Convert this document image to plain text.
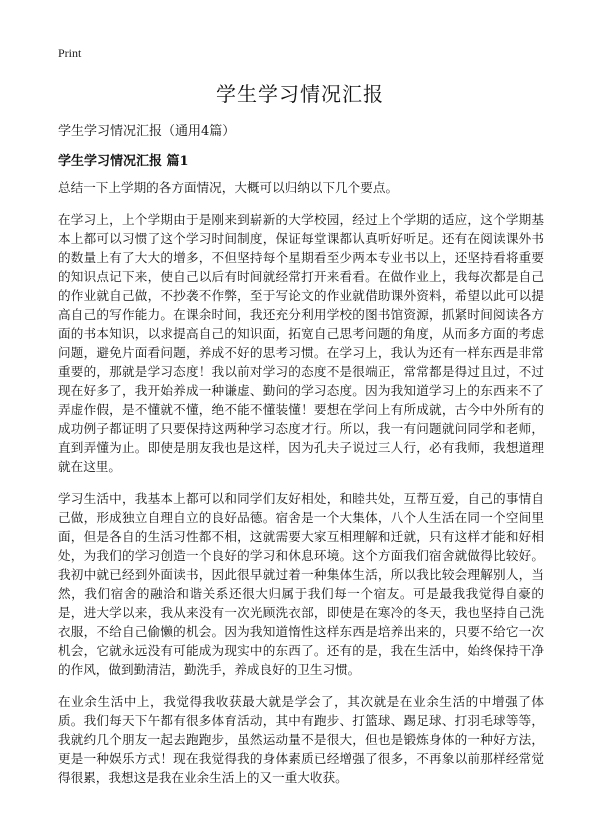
Print
学生学习情况汇报
学生学习情况汇报（通用4篇）
学生学习情况汇报 篇1

总结一下上学期的各方面情况，大概可以归纳以下几个要点。

在学习上，上个学期由于是刚来到崭新的大学校园，经过上个学期的适应，这个学期基本上都可以习惯了这个学习时间制度，保证每堂课都认真听好听足。还有在阅读课外书的数量上有了大大的增多，不但坚持每个星期看至少两本专业书以上，还坚持看将重要的知识点记下来，使自己以后有时间就经常打开来看看。在做作业上，我每次都是自己的作业就自己做，不抄袭不作弊，至于写论文的作业就借助课外资料，希望以此可以提高自己的写作能力。在课余时间，我还充分利用学校的图书馆资源，抓紧时间阅读各方面的书本知识，以求提高自己的知识面，拓宽自己思考问题的角度，从而多方面的考虑问题，避免片面看问题，养成不好的思考习惯。在学习上，我认为还有一样东西是非常重要的，那就是学习态度！我以前对学习的态度不是很端正，常常都是得过且过，不过现在好多了，我开始养成一种谦虚、勤问的学习态度。因为我知道学习上的东西来不了弄虚作假，是不懂就不懂，绝不能不懂装懂！要想在学问上有所成就，古今中外所有的成功例子都证明了只要保持这两种学习态度才行。所以，我一有问题就问同学和老师，直到弄懂为止。即使是朋友我也是这样，因为孔夫子说过三人行，必有我师，我想道理就在这里。

学习生活中，我基本上都可以和同学们友好相处，和睦共处，互帮互爱，自己的事情自己做，形成独立自理自立的良好品德。宿舍是一个大集体，八个人生活在同一个空间里面，但是各自的生活习性都不相，这就需要大家互相理解和迁就，只有这样才能和好相处，为我们的学习创造一个良好的学习和休息环境。这个方面我们宿舍就做得比较好。我初中就已经到外面读书，因此很早就过着一种集体生活，所以我比较会理解别人，当然，我们宿舍的融洽和谐关系还很大归属于我们每一个宿友。可是最我我觉得自豪的是，进大学以来，我从来没有一次光顾洗衣部，即使是在寒冷的冬天，我也坚持自己洗衣服，不给自己偷懒的机会。因为我知道惰性这样东西是培养出来的，只要不给它一次机会，它就永远没有可能成为现实中的东西了。还有的是，我在生活中，始终保持干净的作风，做到勤清洁，勤洗手，养成良好的卫生习惯。

在业余生活中上，我觉得我收获最大就是学会了，其次就是在业余生活的中增强了体质。我们每天下午都有很多体育活动，其中有跑步、打篮球、踢足球、打羽毛球等等，我就约几个朋友一起去跑跑步，虽然运动量不是很大，但也是锻炼身体的一种好方法，更是一种娱乐方式！现在我觉得我的身体素质已经增强了很多，不再象以前那样经常觉得很累，我想这是我在业余生活上的又一重大收获。
